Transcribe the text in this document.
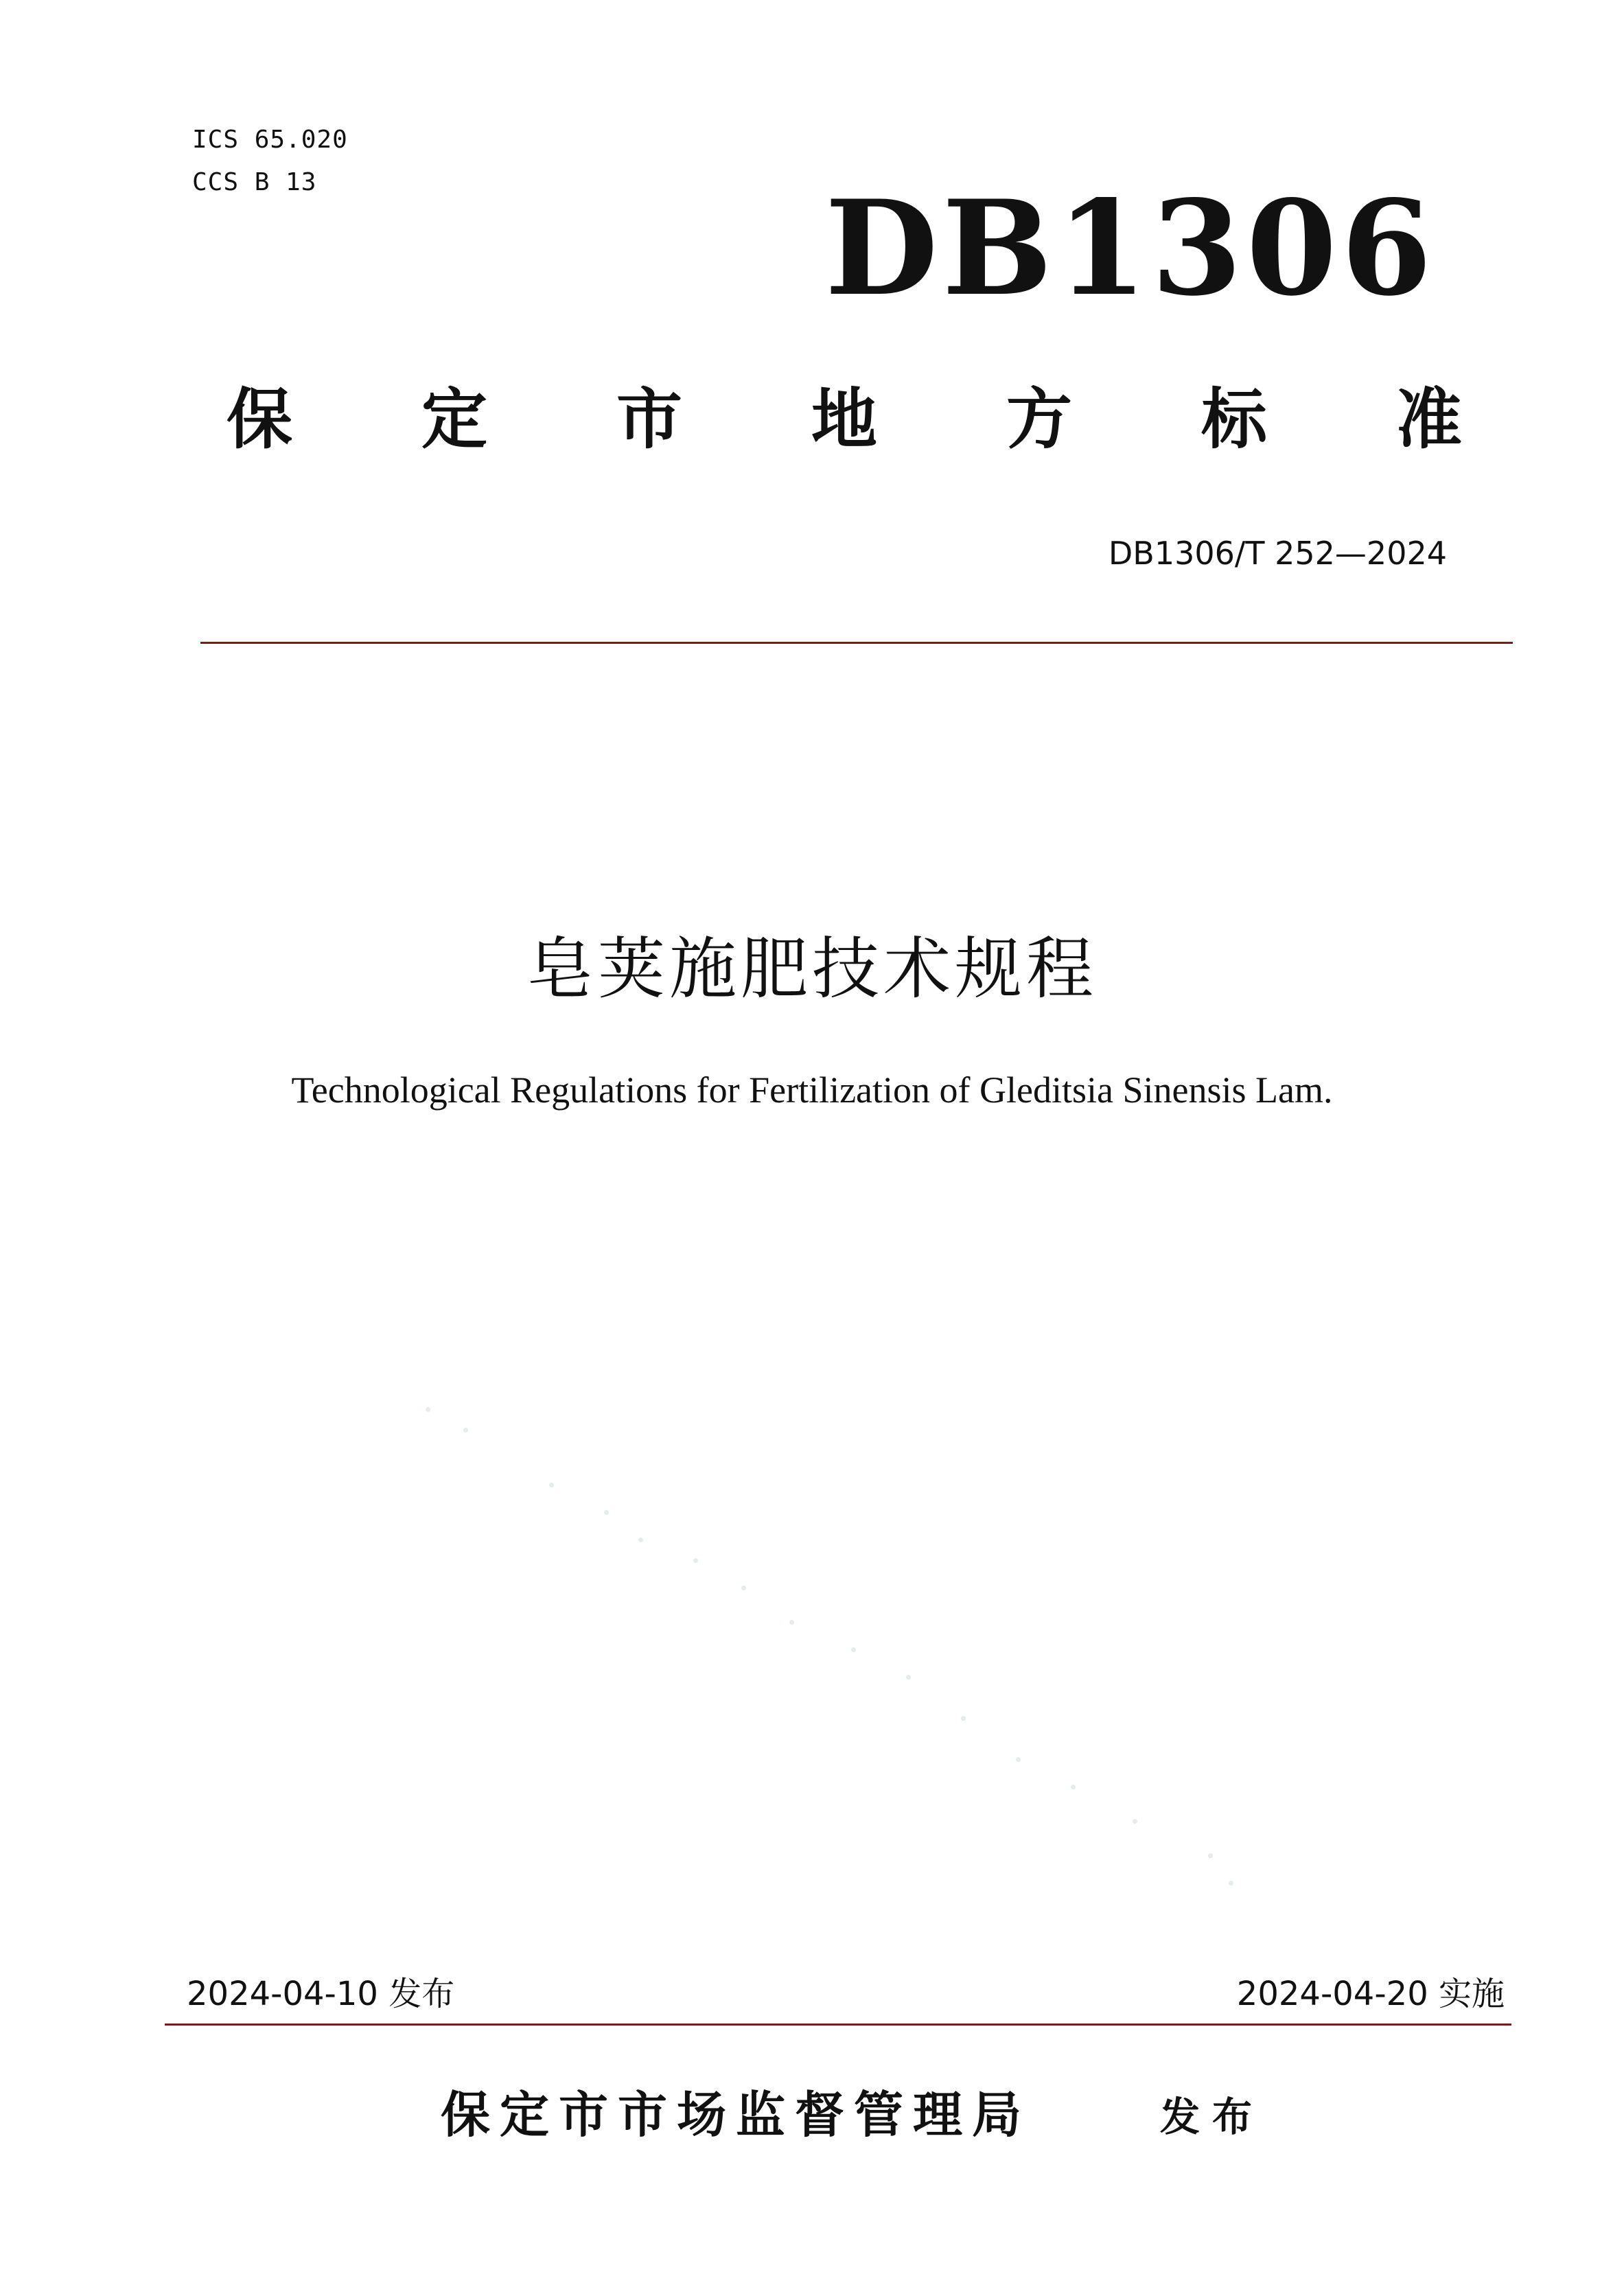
ICS 65.020
CCS B 13	DB1306
保 定 市 地 方 标 准
DB1306/T 252—2024
皂荚施肥技术规程
Technological Regulations for Fertilization of Gleditsia Sinensis Lam.
2024-04-10 发布	2024-04-20 实施
保定市市场监督管理局	发布
